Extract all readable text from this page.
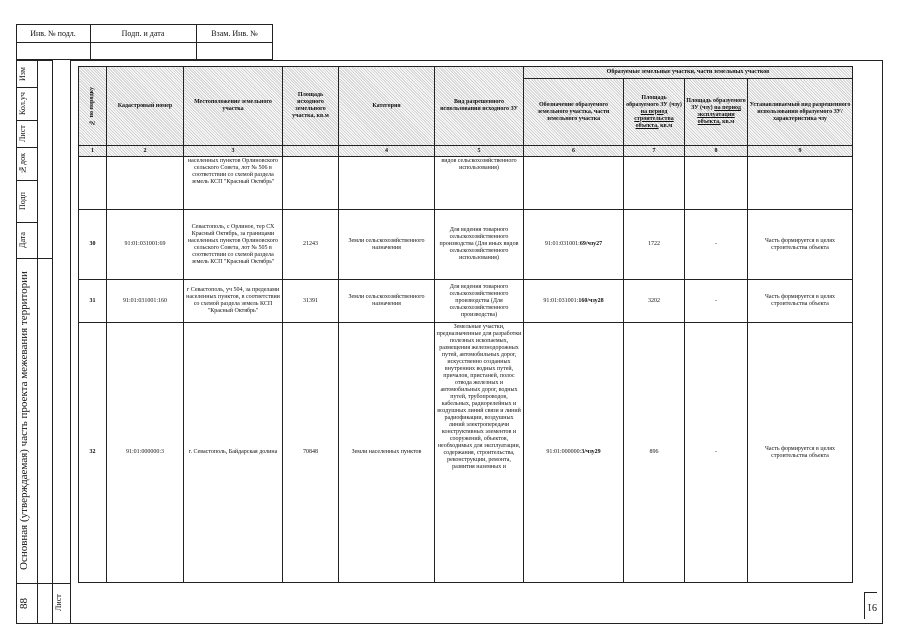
Инв. № подл.	Подп. и дата	Взам. Инв. №
Изм
Кол.уч
Лист
№док
Подп
Дата
Основная (утверждаемая) часть проекта межевания территории
Лист
88	91
№ по порядку	Кадастровый номер	Местоположение земельного участка	Площадь исходного земельного участка, кв.м	Категория	Вид разрешенного использования исходного ЗУ	Образуемые земельные участки, части земельных участков			
						Обозначение образуемого земельного участка, части земельного участка	Площадь образуемого ЗУ (чзу) на период строительства объекта, кв.м	Площадь образуемого ЗУ (чзу) на период эксплуатации объекта, кв.м	Устанавливаемый вид разрешенного использования образуемого ЗУ/характеристика чзу
1	2	3		4	5	6	7	8	9
		населенных пунктов Орлиновского сельского Совета, лот № 506 в соответствии со схемой раздела земель КСП "Красный Октябрь"			видов сельскохозяйственного использования)				
30	91:01:031001:69	Севастополь, с Орлиное, тер СХ Красный Октябрь, за границами населенных пунктов Орлиновского сельского Совета, лот № 505 в соответствии со схемой раздела земель КСП "Красный Октябрь"	21243	Земли сельскохозяйственного назначения	Для ведения товарного сельскохозяйственного производства (Для иных видов сельскохозяйственного использования)	91:01:031001:69/чзу27	1722	-	Часть формируется в целях строительства объекта
31	91:01:031001:160	г Севастополь, уч 504, за пределами населенных пунктов, в соответствии со схемой раздела земель КСП "Красный Октябрь"	31391	Земли сельскохозяйственного назначения	Для ведения товарного сельскохозяйственного производства (Для сельскохозяйственного производства)	91:01:031001:160/чзу28	3202	-	Часть формируется в целях строительства объекта
32	91:01:000000:3	г. Севастополь, Байдарская долина	70848	Земли населенных пунктов	Земельные участки, предназначенные для разработки полезных ископаемых, размещения железнодорожных путей, автомобильных дорог, искусственно созданных внутренних водных путей, причалов, пристаней, полос отвода железных и автомобильных дорог, водных путей, трубопроводов, кабельных, радиорелейных и воздушных линий связи и линий радиофикации, воздушных линий электропередачи конструктивных элементов и сооружений, объектов, необходимых для эксплуатации, содержания, строительства, реконструкции, ремонта, развития наземных и	91:01:000000:3/чзу29	896	-	Часть формируется в целях строительства объекта
